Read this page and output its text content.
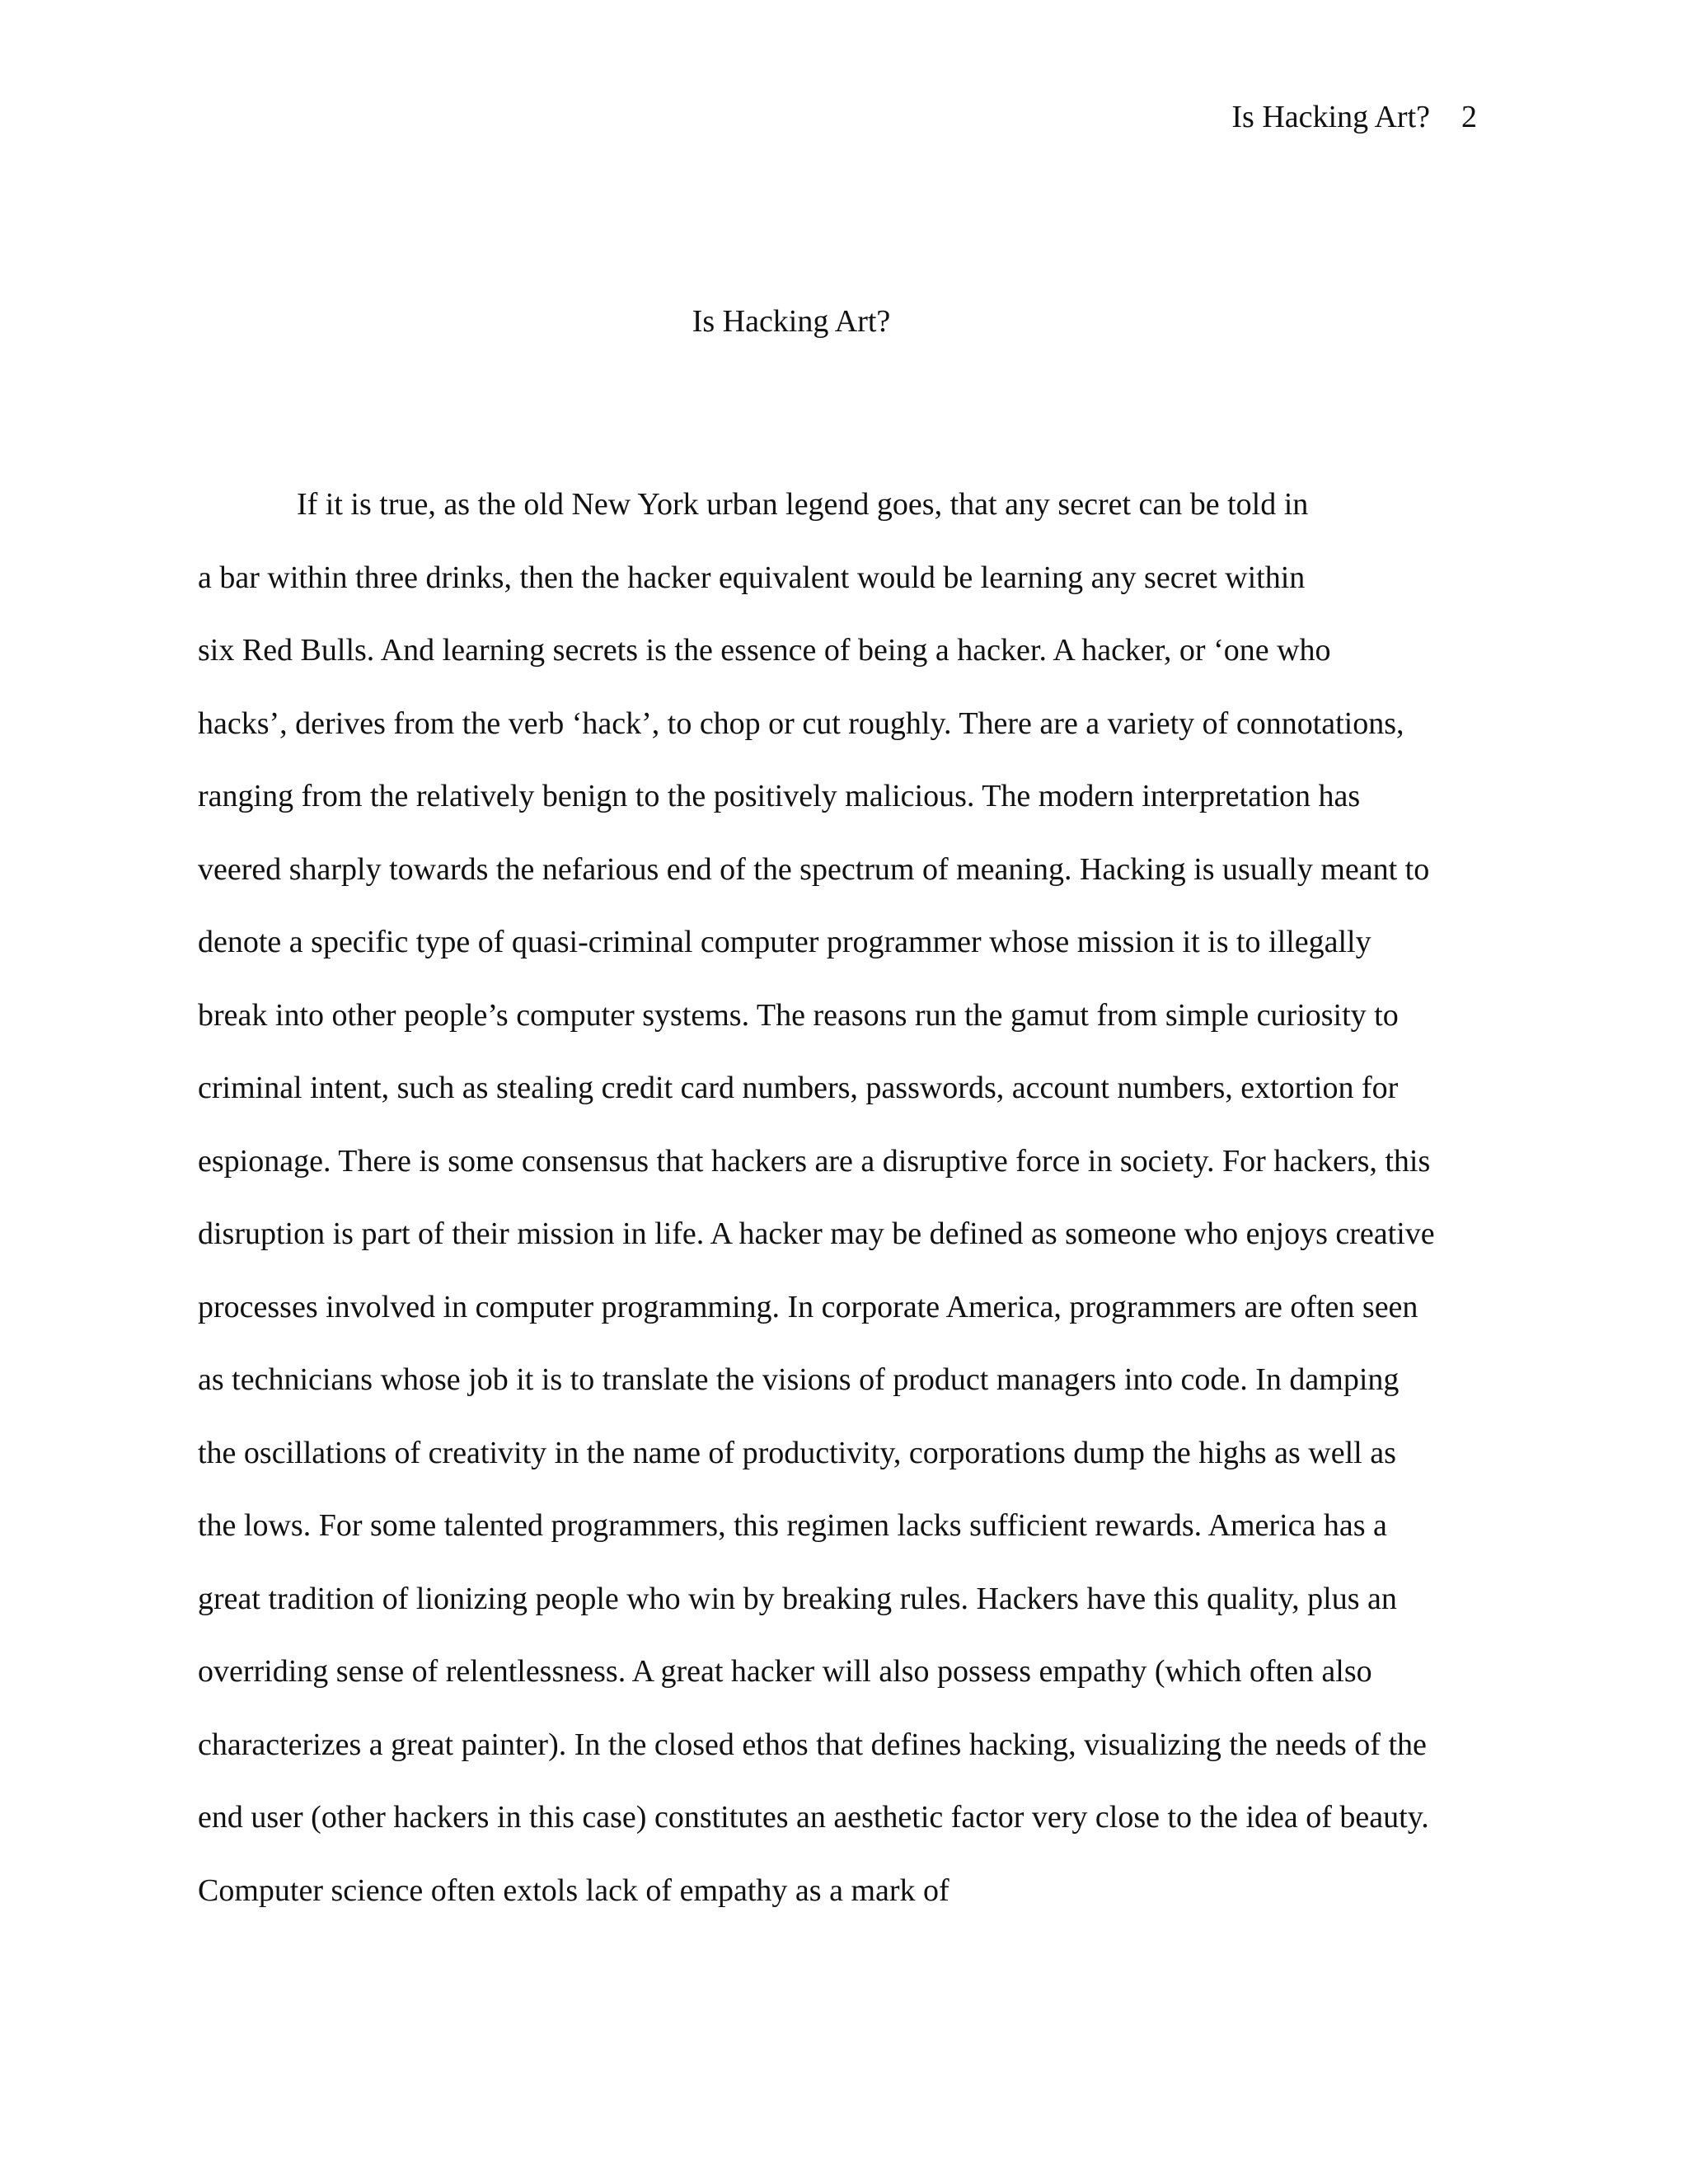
Is Hacking Art? 2
Is Hacking Art?
If it is true, as the old New York urban legend goes, that any secret can be told in
a bar within three drinks, then the hacker equivalent would be learning any secret within
six Red Bulls. And learning secrets is the essence of being a hacker. A hacker, or ‘one who
hacks’, derives from the verb ‘hack’, to chop or cut roughly. There are a variety of connotations,
ranging from the relatively benign to the positively malicious. The modern interpretation has
veered sharply towards the nefarious end of the spectrum of meaning. Hacking is usually meant to
denote a specific type of quasi-criminal computer programmer whose mission it is to illegally
break into other people’s computer systems. The reasons run the gamut from simple curiosity to
criminal intent, such as stealing credit card numbers, passwords, account numbers, extortion for
espionage. There is some consensus that hackers are a disruptive force in society. For hackers, this
disruption is part of their mission in life. A hacker may be defined as someone who enjoys creative
processes involved in computer programming. In corporate America, programmers are often seen
as technicians whose job it is to translate the visions of product managers into code. In damping
the oscillations of creativity in the name of productivity, corporations dump the highs as well as
the lows. For some talented programmers, this regimen lacks sufficient rewards. America has a
great tradition of lionizing people who win by breaking rules. Hackers have this quality, plus an
overriding sense of relentlessness. A great hacker will also possess empathy (which often also
characterizes a great painter). In the closed ethos that defines hacking, visualizing the needs of the
end user (other hackers in this case) constitutes an aesthetic factor very close to the idea of beauty.
Computer science often extols lack of empathy as a mark of
